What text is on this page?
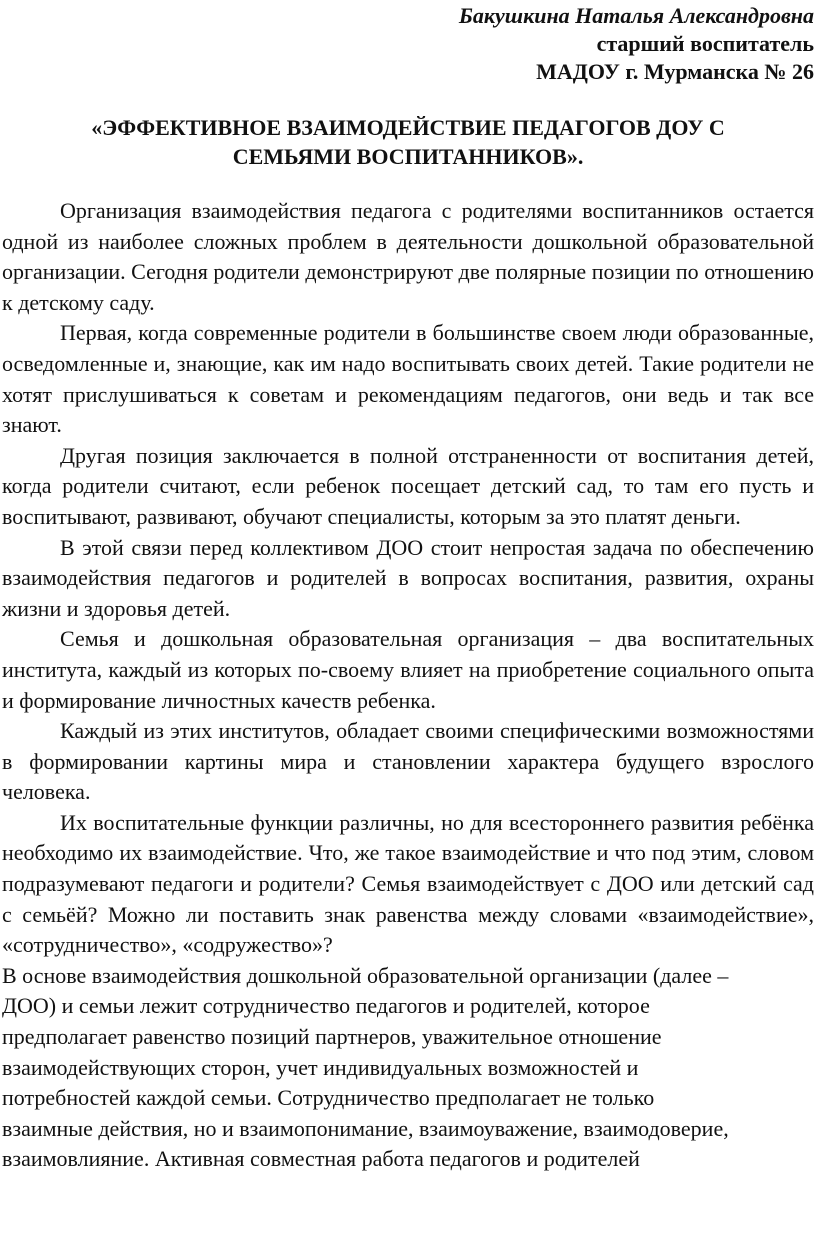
Бакушкина Наталья Александровна
старший воспитатель
МАДОУ г. Мурманска № 26
«ЭФФЕКТИВНОЕ ВЗАИМОДЕЙСТВИЕ ПЕДАГОГОВ ДОУ С
СЕМЬЯМИ ВОСПИТАННИКОВ».

Организация взаимодействия педагога с родителями воспитанников остается одной из наиболее сложных проблем в деятельности дошкольной образовательной организации. Сегодня родители демонстрируют две полярные позиции по отношению к детскому саду.

Первая, когда современные родители в большинстве своем люди образованные, осведомленные и, знающие, как им надо воспитывать своих детей. Такие родители не хотят прислушиваться к советам и рекомендациям педагогов, они ведь и так все знают.

Другая позиция заключается в полной отстраненности от воспитания детей, когда родители считают, если ребенок посещает детский сад, то там его пусть и воспитывают, развивают, обучают специалисты, которым за это платят деньги.

В этой связи перед коллективом ДОО стоит непростая задача по обеспечению взаимодействия педагогов и родителей в вопросах воспитания, развития, охраны жизни и здоровья детей.

Семья и дошкольная образовательная организация – два воспитательных института, каждый из которых по-своему влияет на приобретение социального опыта и формирование личностных качеств ребенка.

Каждый из этих институтов, обладает своими специфическими возможностями в формировании картины мира и становлении характера будущего взрослого человека.

Их воспитательные функции различны, но для всестороннего развития ребёнка необходимо их взаимодействие. Что, же такое взаимодействие и что под этим, словом подразумевают педагоги и родители? Семья взаимодействует с ДОО или детский сад с семьёй? Можно ли поставить знак равенства между словами «взаимодействие», «сотрудничество», «содружество»?

В основе взаимодействия дошкольной образовательной организации (далее –

ДОО) и семьи лежит сотрудничество педагогов и родителей, которое

предполагает равенство позиций партнеров, уважительное отношение

взаимодействующих сторон, учет индивидуальных возможностей и

потребностей каждой семьи. Сотрудничество предполагает не только

взаимные действия, но и взаимопонимание, взаимоуважение, взаимодоверие,

взаимовлияние. Активная совместная работа педагогов и родителей
